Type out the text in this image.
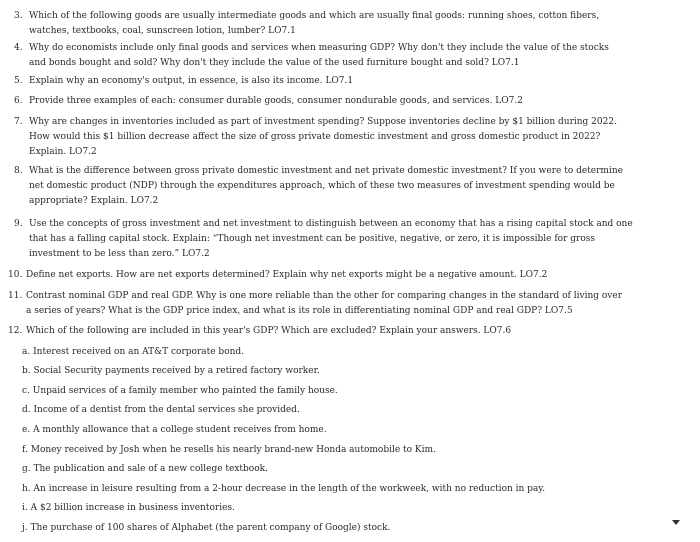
3. Which of the following goods are usually intermediate goods and which are usually final goods: running shoes, cotton fibers, watches, textbooks, coal, sunscreen lotion, lumber? LO7.1
4. Why do economists include only final goods and services when measuring GDP? Why don't they include the value of the stocks and bonds bought and sold? Why don't they include the value of the used furniture bought and sold? LO7.1
5. Explain why an economy's output, in essence, is also its income. LO7.1
6. Provide three examples of each: consumer durable goods, consumer nondurable goods, and services. LO7.2
7. Why are changes in inventories included as part of investment spending? Suppose inventories decline by $1 billion during 2022. How would this $1 billion decrease affect the size of gross private domestic investment and gross domestic product in 2022? Explain. LO7.2
8. What is the difference between gross private domestic investment and net private domestic investment? If you were to determine net domestic product (NDP) through the expenditures approach, which of these two measures of investment spending would be appropriate? Explain. LO7.2
9. Use the concepts of gross investment and net investment to distinguish between an economy that has a rising capital stock and one that has a falling capital stock. Explain: “Though net investment can be positive, negative, or zero, it is impossible for gross investment to be less than zero.” LO7.2
10. Define net exports. How are net exports determined? Explain why net exports might be a negative amount. LO7.2
11. Contrast nominal GDP and real GDP. Why is one more reliable than the other for comparing changes in the standard of living over a series of years? What is the GDP price index, and what is its role in differentiating nominal GDP and real GDP? LO7.5
12. Which of the following are included in this year's GDP? Which are excluded? Explain your answers. LO7.6
a. Interest received on an AT&T corporate bond.
b. Social Security payments received by a retired factory worker.
c. Unpaid services of a family member who painted the family house.
d. Income of a dentist from the dental services she provided.
e. A monthly allowance that a college student receives from home.
f. Money received by Josh when he resells his nearly brand-new Honda automobile to Kim.
g. The publication and sale of a new college textbook.
h. An increase in leisure resulting from a 2-hour decrease in the length of the workweek, with no reduction in pay.
i. A $2 billion increase in business inventories.
j. The purchase of 100 shares of Alphabet (the parent company of Google) stock.
